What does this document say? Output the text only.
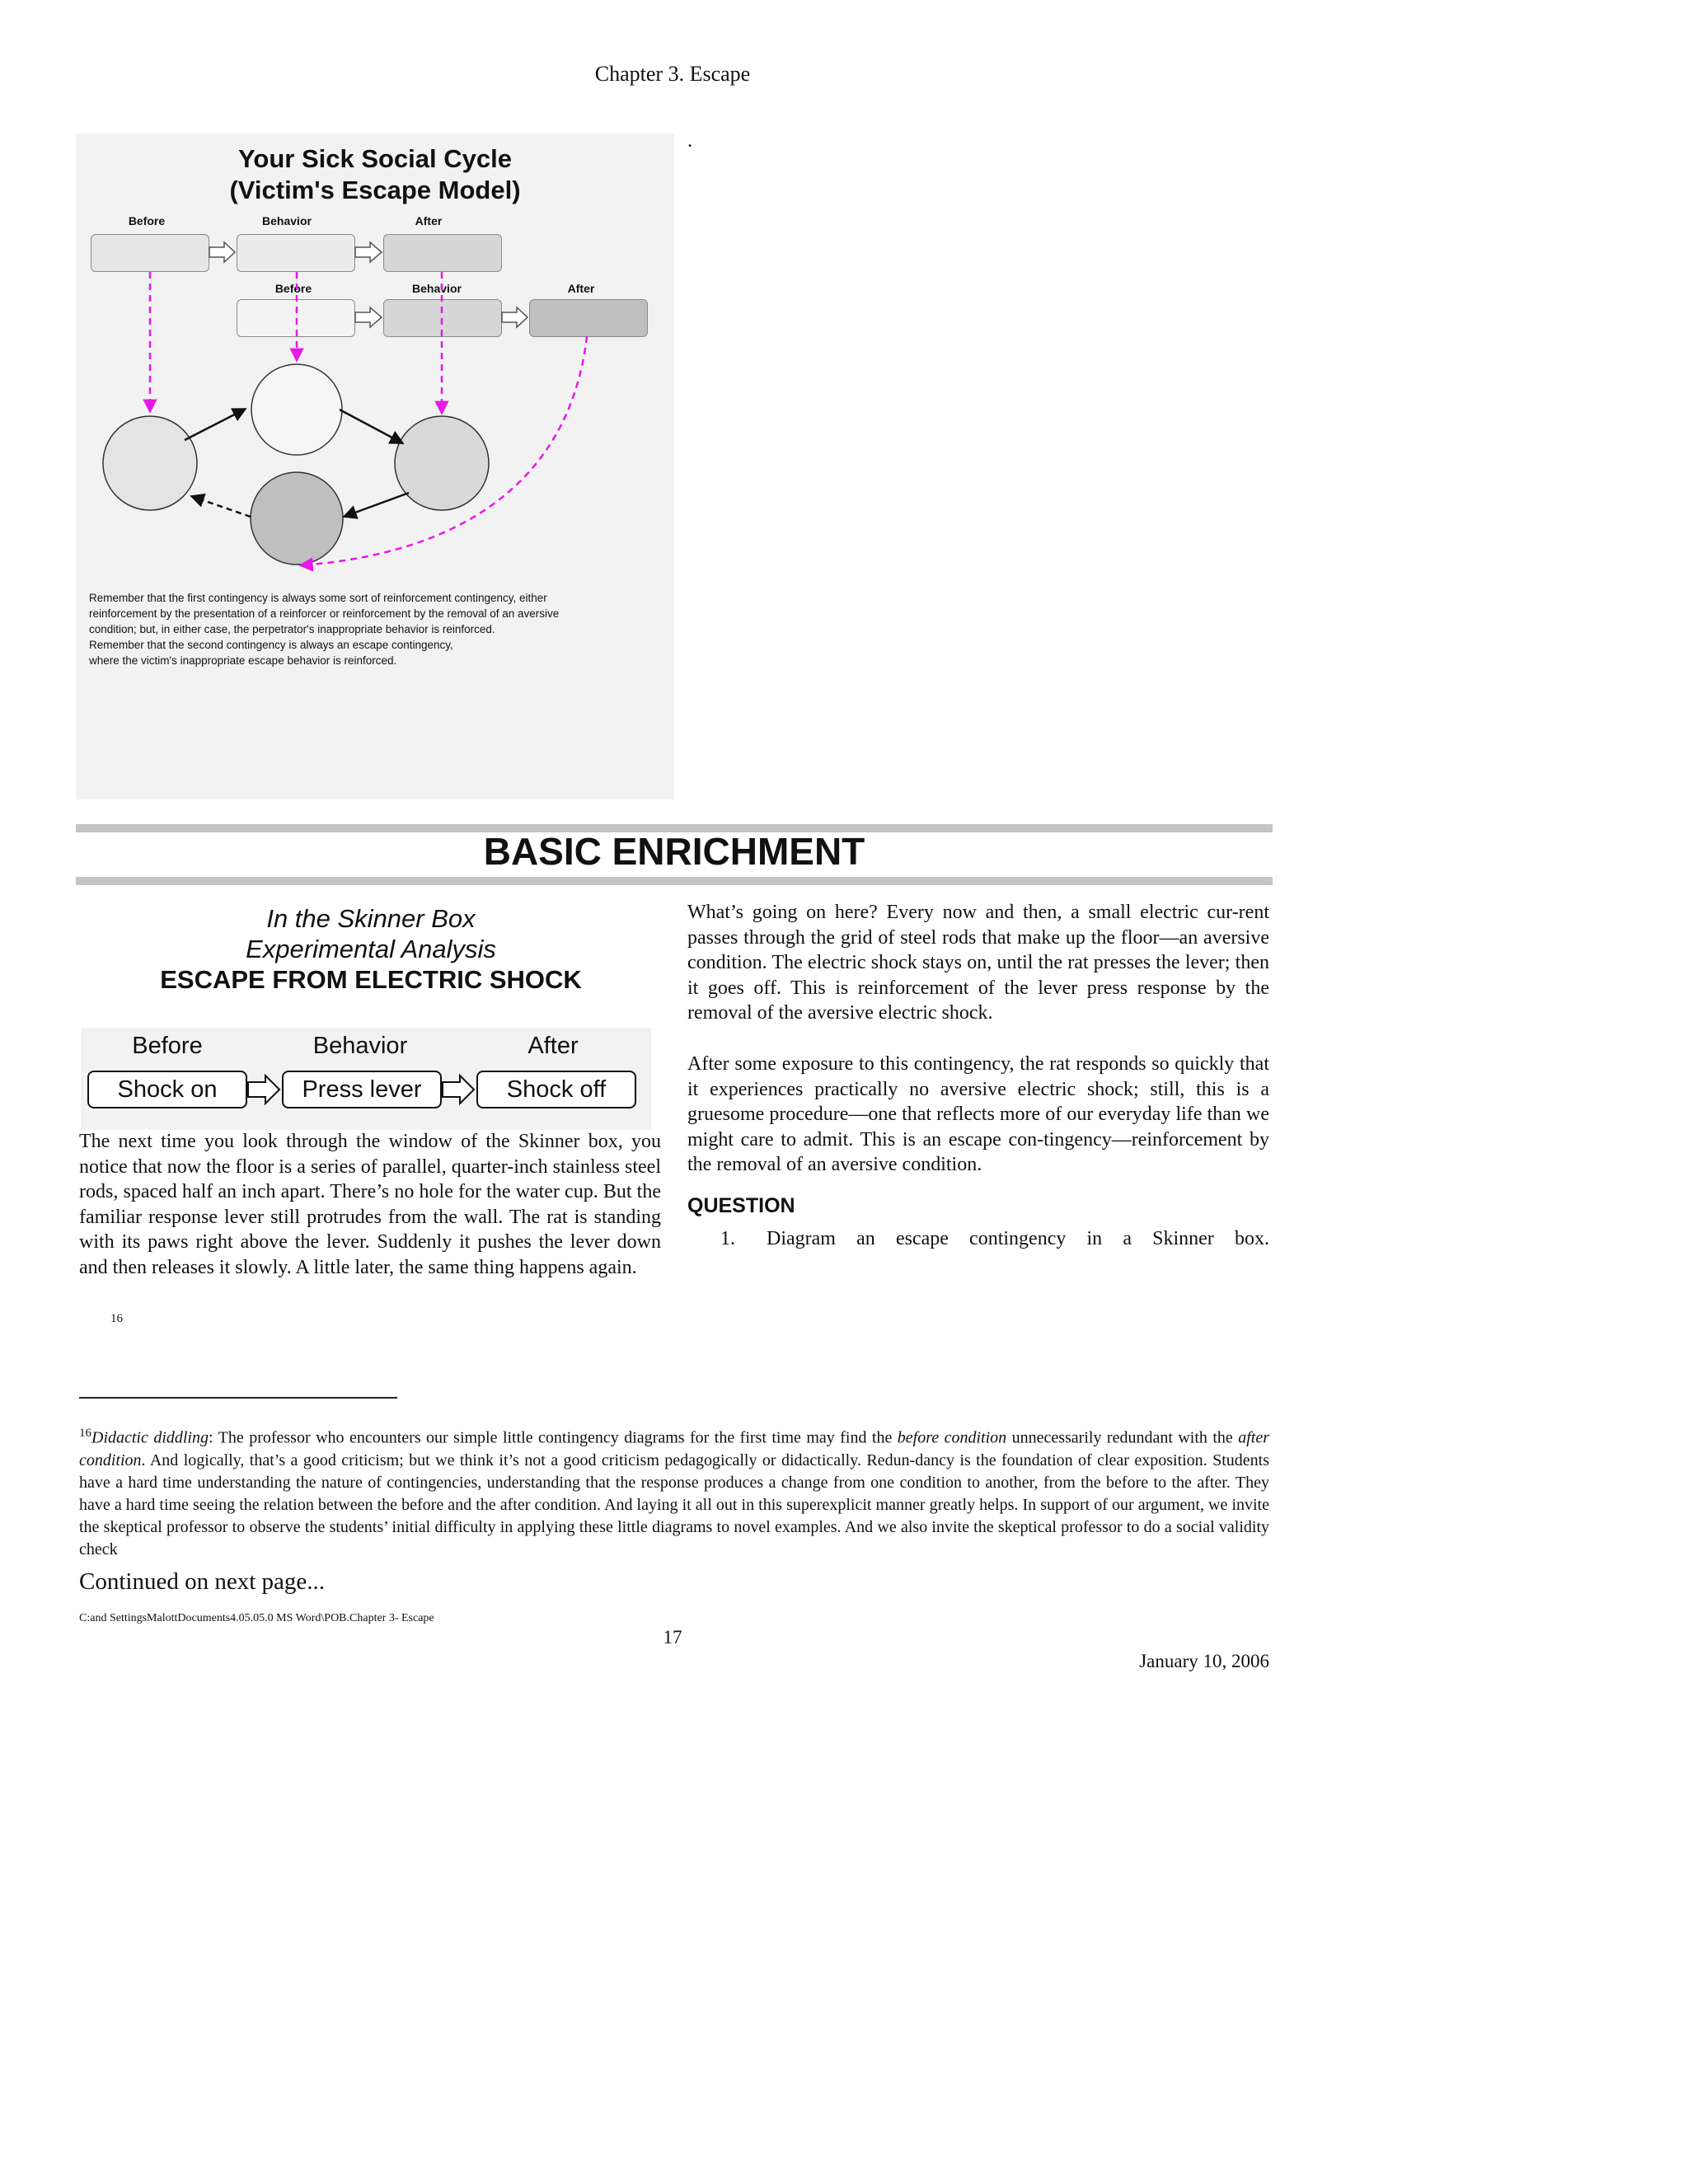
Chapter 3. Escape
Your Sick Social Cycle
(Victim's Escape Model)
Before	Behavior	After
Before	Behavior	After
.
Remember that the first contingency is always some sort of reinforcement contingency, either
reinforcement by the presentation of a reinforcer or reinforcement by the removal of an aversive
condition; but, in either case, the perpetrator's inappropriate behavior is reinforced.
Remember that the second contingency is always an escape contingency,
where the victim's inappropriate escape behavior is reinforced.
.
BASIC ENRICHMENT
In the Skinner Box
Experimental Analysis
ESCAPE FROM ELECTRIC SHOCK
Before	Behavior	After
Shock on	Press lever	Shock off
The next time you look through the window of the Skinner box, you notice that now the floor is a series of parallel, quarter-inch stainless steel rods, spaced half an inch apart. There’s no hole for the water cup. But the familiar response lever still protrudes from the wall. The rat is standing with its paws right above the lever. Suddenly it pushes the lever down and then releases it slowly. A little later, the same thing happens again.
16
What’s going on here? Every now and then, a small electric cur-rent passes through the grid of steel rods that make up the floor—an aversive condition. The electric shock stays on, until the rat presses the lever; then it goes off. This is reinforcement of the lever press response by the removal of the aversive electric shock.
After some exposure to this contingency, the rat responds so quickly that it experiences practically no aversive electric shock; still, this is a gruesome procedure—one that reflects more of our everyday life than we might care to admit. This is an escape con-tingency—reinforcement by the removal of an aversive condition.
QUESTION
1. Diagram an escape contingency in a Skinner box.
$^{16}$Didactic diddling: The professor who encounters our simple little contingency diagrams for the first time may find the before condition unnecessarily redundant with the after condition. And logically, that’s a good criticism; but we think it’s not a good criticism pedagogically or didactically. Redun-dancy is the foundation of clear exposition. Students have a hard time understanding the nature of contingencies, understanding that the response produces a change from one condition to another, from the before to the after. They have a hard time seeing the relation between the before and the after condition. And laying it all out in this superexplicit manner greatly helps. In support of our argument, we invite the skeptical professor to observe the students’ initial difficulty in applying these little diagrams to novel examples. And we also invite the skeptical professor to do a social validity check
Continued on next page...
C:and SettingsMalottDocuments4.05.05.0 MS Word\POB.Chapter 3- Escape
17
January 10, 2006
